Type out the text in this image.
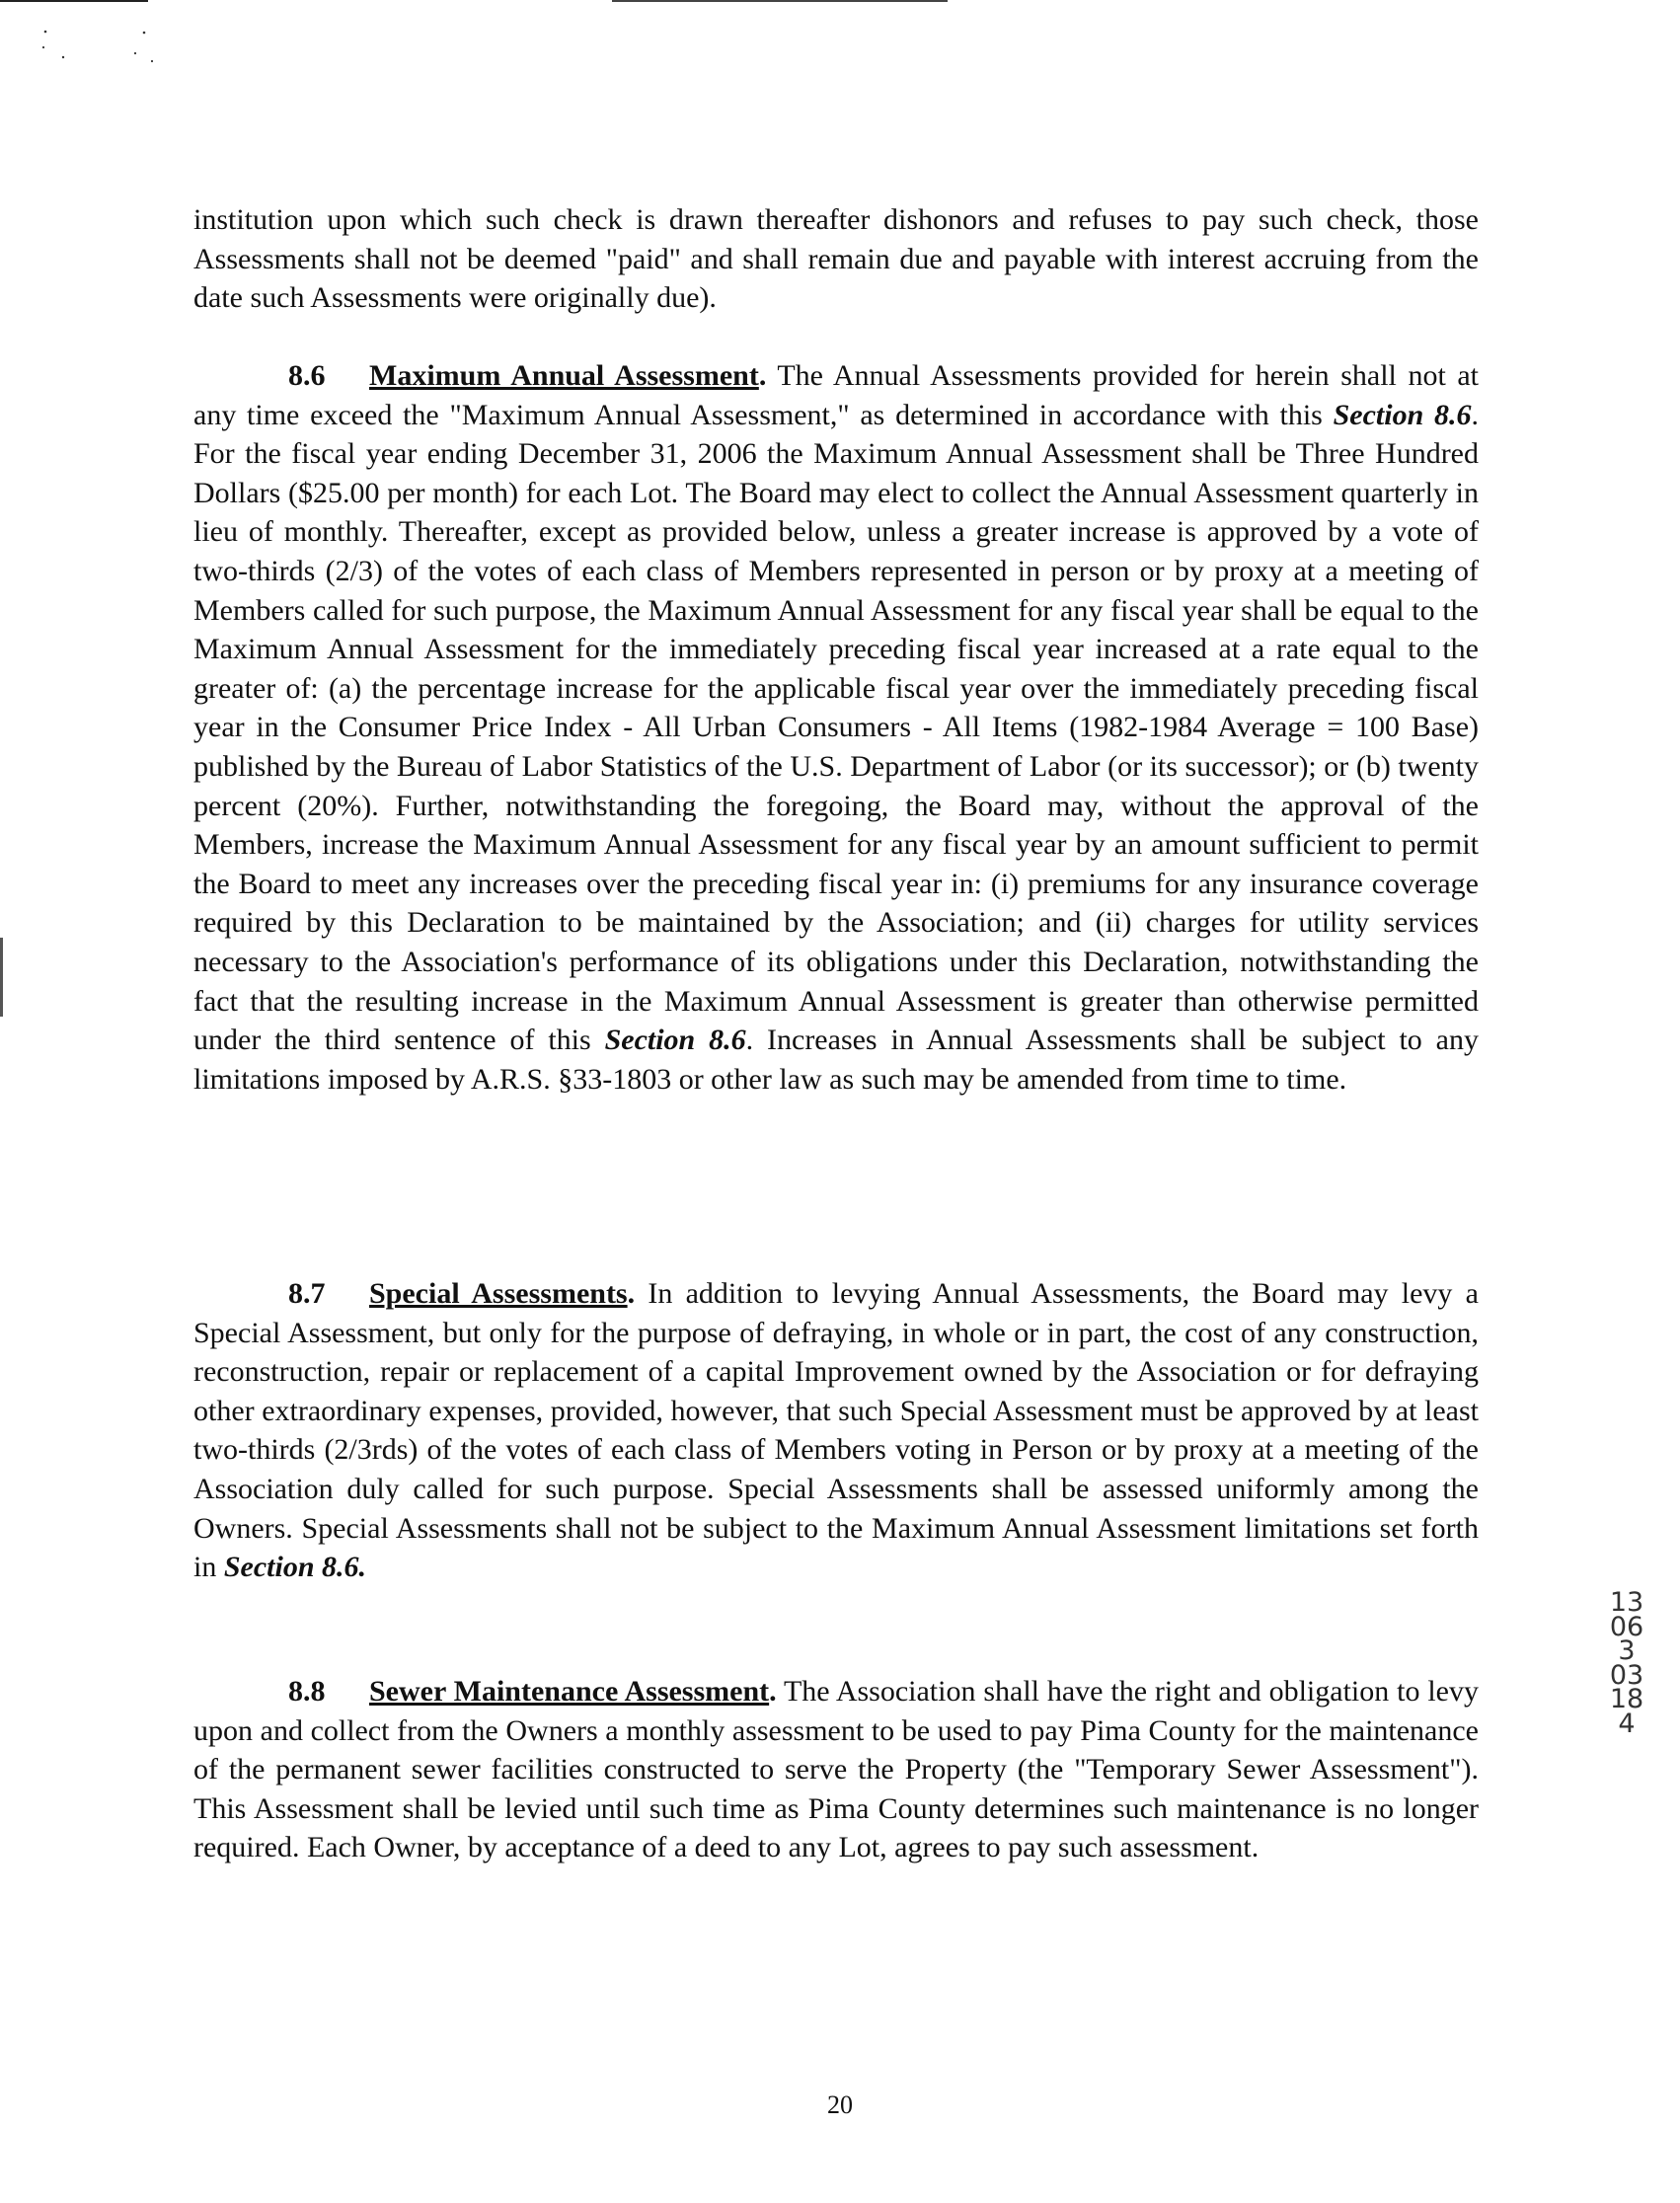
institution upon which such check is drawn thereafter dishonors and refuses to pay such check, those Assessments shall not be deemed "paid" and shall remain due and payable with interest accruing from the date such Assessments were originally due).

8.6 Maximum Annual Assessment. The Annual Assessments provided for herein shall not at any time exceed the "Maximum Annual Assessment," as determined in accordance with this Section 8.6. For the fiscal year ending December 31, 2006 the Maximum Annual Assessment shall be Three Hundred Dollars ($25.00 per month) for each Lot. The Board may elect to collect the Annual Assessment quarterly in lieu of monthly. Thereafter, except as provided below, unless a greater increase is approved by a vote of two-thirds (2/3) of the votes of each class of Members represented in person or by proxy at a meeting of Members called for such purpose, the Maximum Annual Assessment for any fiscal year shall be equal to the Maximum Annual Assessment for the immediately preceding fiscal year increased at a rate equal to the greater of: (a) the percentage increase for the applicable fiscal year over the immediately preceding fiscal year in the Consumer Price Index - All Urban Consumers - All Items (1982-1984 Average = 100 Base) published by the Bureau of Labor Statistics of the U.S. Department of Labor (or its successor); or (b) twenty percent (20%). Further, notwithstanding the foregoing, the Board may, without the approval of the Members, increase the Maximum Annual Assessment for any fiscal year by an amount sufficient to permit the Board to meet any increases over the preceding fiscal year in: (i) premiums for any insurance coverage required by this Declaration to be maintained by the Association; and (ii) charges for utility services necessary to the Association's performance of its obligations under this Declaration, notwithstanding the fact that the resulting increase in the Maximum Annual Assessment is greater than otherwise permitted under the third sentence of this Section 8.6. Increases in Annual Assessments shall be subject to any limitations imposed by A.R.S. §33-1803 or other law as such may be amended from time to time.

8.7 Special Assessments. In addition to levying Annual Assessments, the Board may levy a Special Assessment, but only for the purpose of defraying, in whole or in part, the cost of any construction, reconstruction, repair or replacement of a capital Improvement owned by the Association or for defraying other extraordinary expenses, provided, however, that such Special Assessment must be approved by at least two-thirds (2/3rds) of the votes of each class of Members voting in Person or by proxy at a meeting of the Association duly called for such purpose. Special Assessments shall be assessed uniformly among the Owners. Special Assessments shall not be subject to the Maximum Annual Assessment limitations set forth in Section 8.6.

8.8 Sewer Maintenance Assessment. The Association shall have the right and obligation to levy upon and collect from the Owners a monthly assessment to be used to pay Pima County for the maintenance of the permanent sewer facilities constructed to serve the Property (the "Temporary Sewer Assessment"). This Assessment shall be levied until such time as Pima County determines such maintenance is no longer required. Each Owner, by acceptance of a deed to any Lot, agrees to pay such assessment.

13063 03184
20
